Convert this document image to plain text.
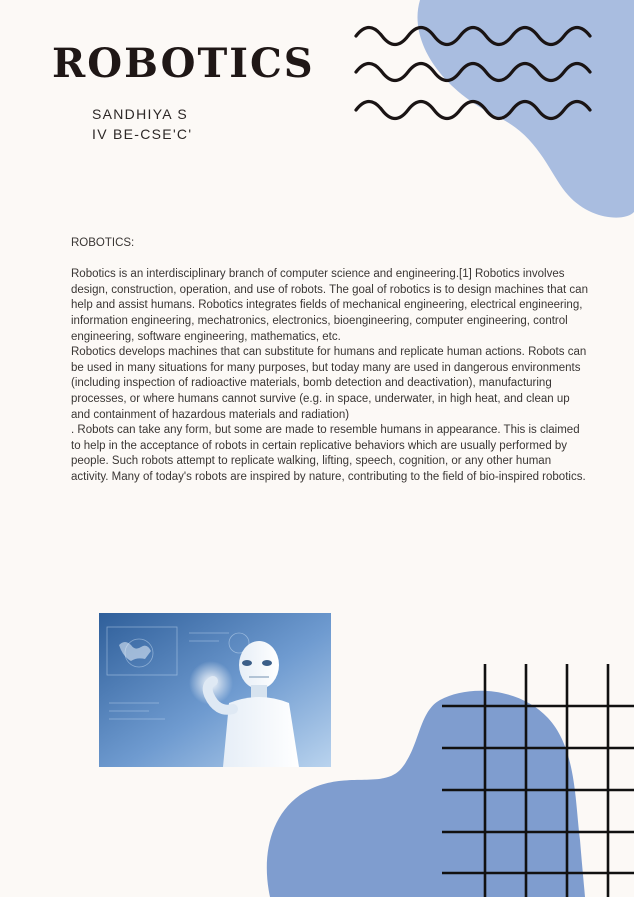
ROBOTICS
SANDHIYA S
IV BE-CSE'C'
ROBOTICS:

Robotics is an interdisciplinary branch of computer science and engineering.[1] Robotics involves design, construction, operation, and use of robots. The goal of robotics is to design machines that can help and assist humans. Robotics integrates fields of mechanical engineering, electrical engineering, information engineering, mechatronics, electronics, bioengineering, computer engineering, control engineering, software engineering, mathematics, etc.

Robotics develops machines that can substitute for humans and replicate human actions. Robots can be used in many situations for many purposes, but today many are used in dangerous environments (including inspection of radioactive materials, bomb detection and deactivation), manufacturing processes, or where humans cannot survive (e.g. in space, underwater, in high heat, and clean up and containment of hazardous materials and radiation)

. Robots can take any form, but some are made to resemble humans in appearance. This is claimed to help in the acceptance of robots in certain replicative behaviors which are usually performed by people. Such robots attempt to replicate walking, lifting, speech, cognition, or any other human activity. Many of today's robots are inspired by nature, contributing to the field of bio-inspired robotics.
